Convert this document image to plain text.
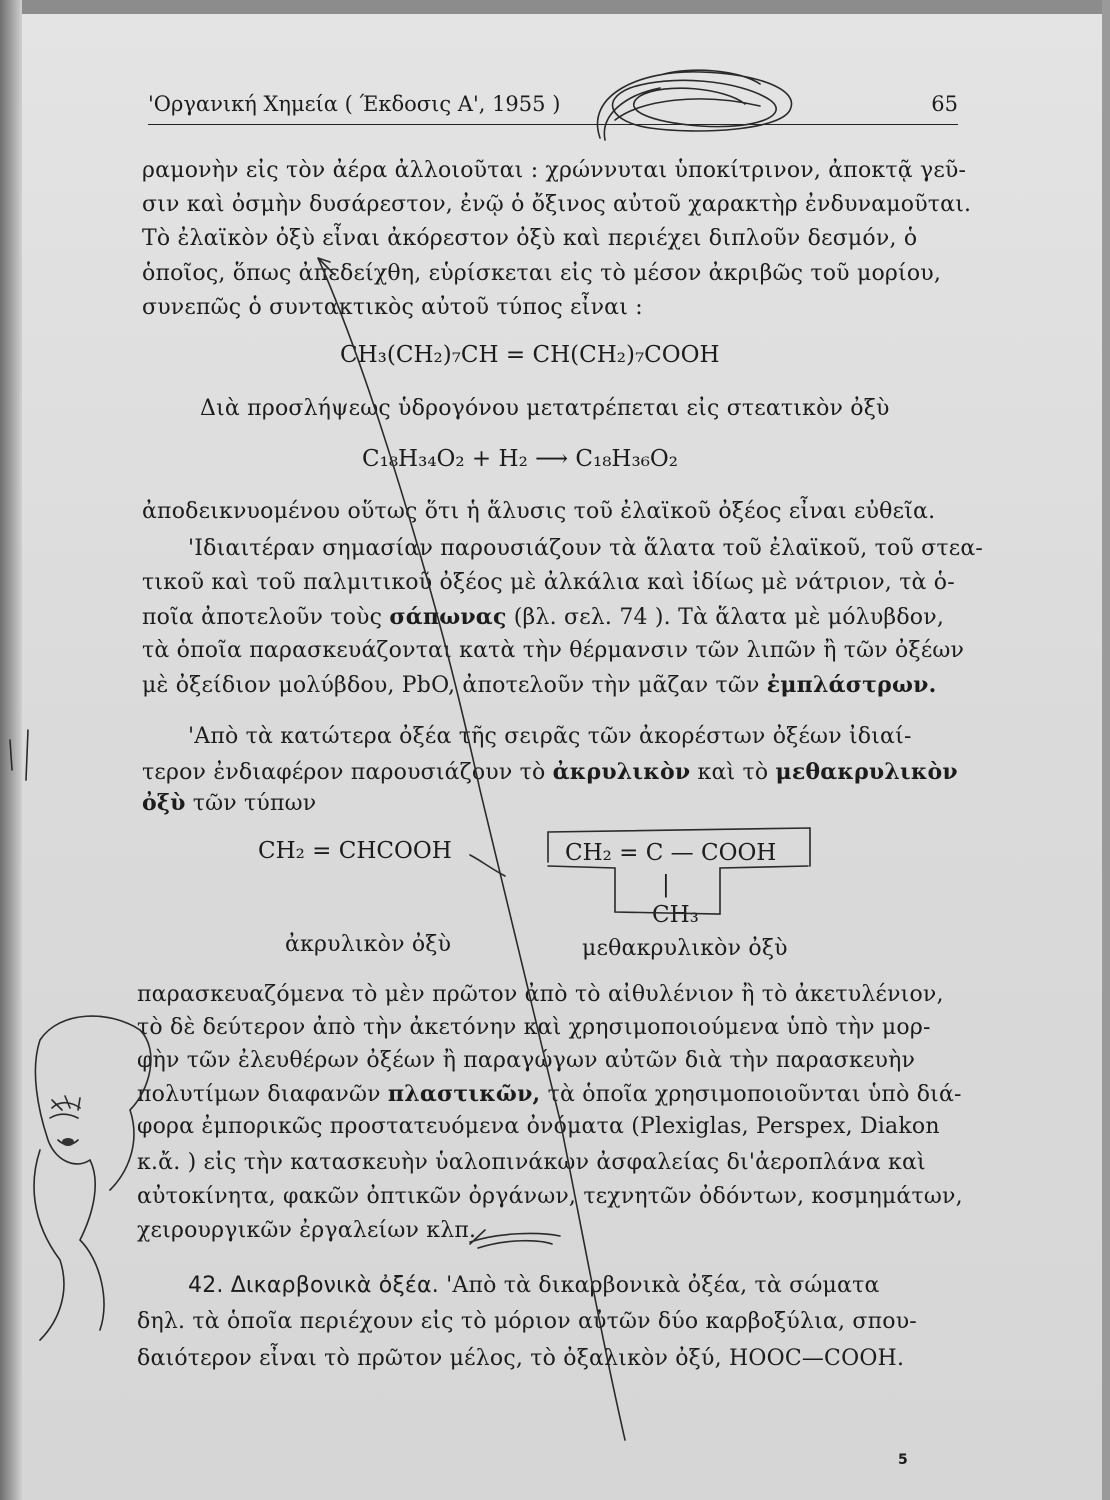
'Οργανική Χημεία ( Έκδοσις Α', 1955 )	65
ραμονὴν εἰς τὸν ἀέρα ἀλλοιοῦται : χρώννυται ὑποκίτρινον, ἀποκτᾷ γεῦ-
σιν καὶ ὀσμὴν δυσάρεστον, ἐνῷ ὁ ὄξινος αὐτοῦ χαρακτὴρ ἐνδυναμοῦται.
Τὸ ἐλαϊκὸν ὀξὺ εἶναι ἀκόρεστον ὀξὺ καὶ περιέχει διπλοῦν δεσμόν, ὁ
ὁποῖος, ὅπως ἀπεδείχθη, εὑρίσκεται εἰς τὸ μέσον ἀκριβῶς τοῦ μορίου,
συνεπῶς ὁ συντακτικὸς αὐτοῦ τύπος εἶναι :
CH₃(CH₂)₇CH = CH(CH₂)₇COOH
Διὰ προσλήψεως ὑδρογόνου μετατρέπεται εἰς στεατικὸν ὀξὺ
C₁₈H₃₄O₂ + H₂ ⟶ C₁₈H₃₆O₂
ἀποδεικνυομένου οὕτως ὅτι ἡ ἅλυσις τοῦ ἐλαϊκοῦ ὀξέος εἶναι εὐθεῖα.
'Ιδιαιτέραν σημασίαν παρουσιάζουν τὰ ἅλατα τοῦ ἐλαϊκοῦ, τοῦ στεα-
τικοῦ καὶ τοῦ παλμιτικοῦ ὀξέος μὲ ἀλκάλια καὶ ἰδίως μὲ νάτριον, τὰ ὁ-
ποῖα ἀποτελοῦν τοὺς σάπωνας (βλ. σελ. 74 ). Τὰ ἅλατα μὲ μόλυβδον,
τὰ ὁποῖα παρασκευάζονται κατὰ τὴν θέρμανσιν τῶν λιπῶν ἢ τῶν ὀξέων
μὲ ὀξείδιον μολύβδου, PbO, ἀποτελοῦν τὴν μᾶζαν τῶν ἐμπλάστρων.
'Απὸ τὰ κατώτερα ὀξέα τῆς σειρᾶς τῶν ἀκορέστων ὀξέων ἰδιαί-
τερον ἐνδιαφέρον παρουσιάζουν τὸ ἀκρυλικὸν καὶ τὸ μεθακρυλικὸν
ὀξὺ τῶν τύπων
CH₂ = CHCOOH	CH₂ = C — COOH
|
CH₃
ἀκρυλικὸν ὀξὺ	μεθακρυλικὸν ὀξὺ
παρασκευαζόμενα τὸ μὲν πρῶτον ἀπὸ τὸ αἰθυλένιον ἢ τὸ ἀκετυλένιον,
τὸ δὲ δεύτερον ἀπὸ τὴν ἀκετόνην καὶ χρησιμοποιούμενα ὑπὸ τὴν μορ-
φὴν τῶν ἐλευθέρων ὀξέων ἢ παραγώγων αὐτῶν διὰ τὴν παρασκευὴν
πολυτίμων διαφανῶν πλαστικῶν, τὰ ὁποῖα χρησιμοποιοῦνται ὑπὸ διά-
φορα ἐμπορικῶς προστατευόμενα ὀνόματα (Plexiglas, Perspex, Diakon
κ.ἄ. ) εἰς τὴν κατασκευὴν ὑαλοπινάκων ἀσφαλείας δι'ἀεροπλάνα καὶ
αὐτοκίνητα, φακῶν ὀπτικῶν ὀργάνων, τεχνητῶν ὀδόντων, κοσμημάτων,
χειρουργικῶν ἐργαλείων κλπ.
42. Δικαρβονικὰ ὀξέα. 'Απὸ τὰ δικαρβονικὰ ὀξέα, τὰ σώματα
δηλ. τὰ ὁποῖα περιέχουν εἰς τὸ μόριον αὐτῶν δύο καρβοξύλια, σπου-
δαιότερον εἶναι τὸ πρῶτον μέλος, τὸ ὀξαλικὸν ὀξύ, HOOC—COOH.
5
